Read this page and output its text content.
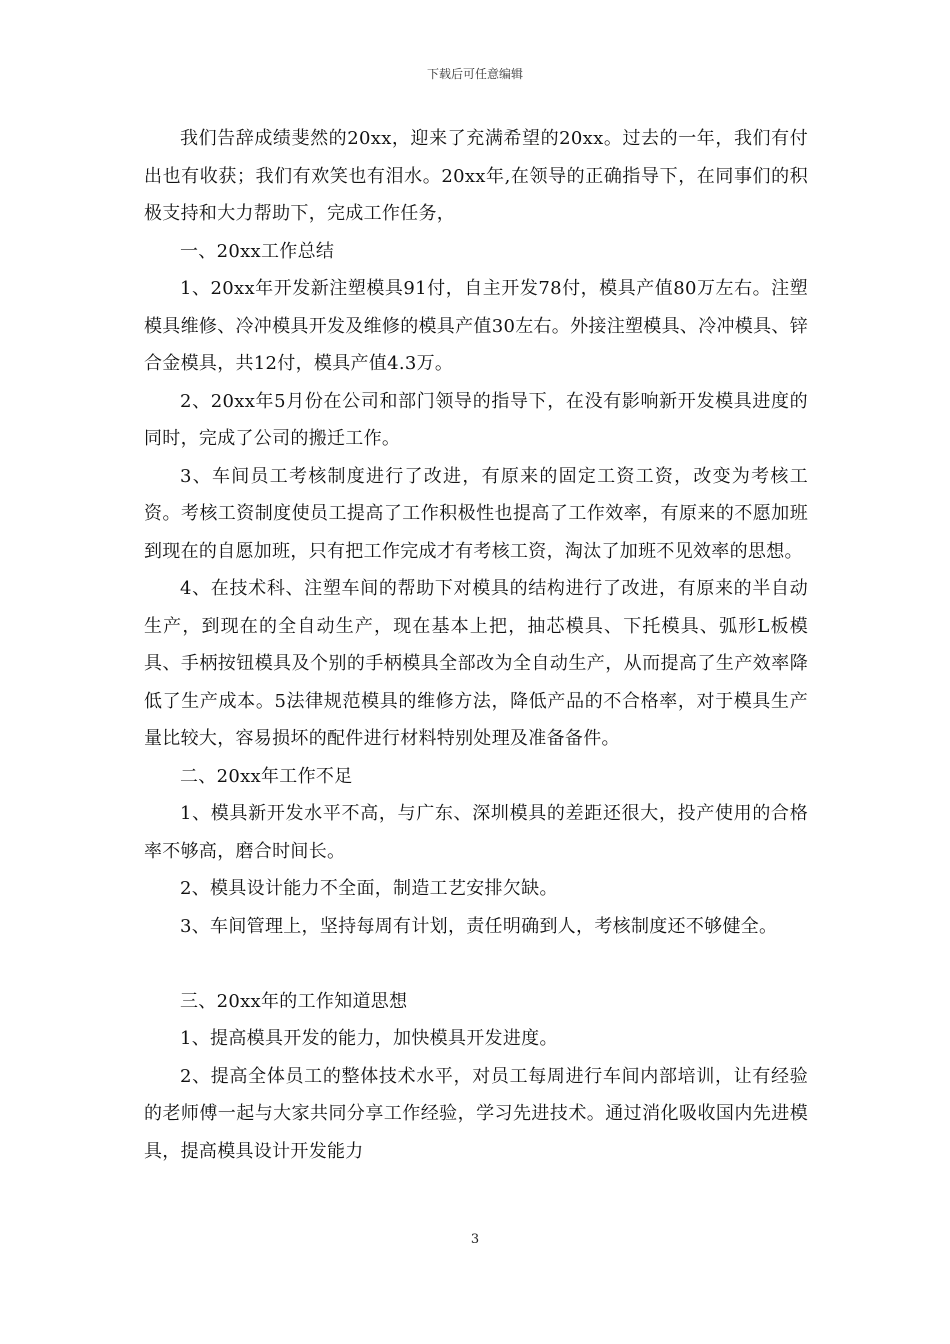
下载后可任意编辑

我们告辞成绩斐然的20xx，迎来了充满希望的20xx。过去的一年，我们有付出也有收获；我们有欢笑也有泪水。20xx年,在领导的正确指导下，在同事们的积极支持和大力帮助下，完成工作任务，

一、20xx工作总结

1、20xx年开发新注塑模具91付，自主开发78付，模具产值80万左右。注塑模具维修、冷冲模具开发及维修的模具产值30左右。外接注塑模具、冷冲模具、锌合金模具，共12付，模具产值4.3万。

2、20xx年5月份在公司和部门领导的指导下，在没有影响新开发模具进度的同时，完成了公司的搬迁工作。

3、车间员工考核制度进行了改进，有原来的固定工资工资，改变为考核工资。考核工资制度使员工提高了工作积极性也提高了工作效率，有原来的不愿加班到现在的自愿加班，只有把工作完成才有考核工资，淘汰了加班不见效率的思想。

4、在技术科、注塑车间的帮助下对模具的结构进行了改进，有原来的半自动生产，到现在的全自动生产，现在基本上把，抽芯模具、下托模具、弧形L板模具、手柄按钮模具及个别的手柄模具全部改为全自动生产，从而提高了生产效率降低了生产成本。5法律规范模具的维修方法，降低产品的不合格率，对于模具生产量比较大，容易损坏的配件进行材料特别处理及准备备件。

二、20xx年工作不足

1、模具新开发水平不高，与广东、深圳模具的差距还很大，投产使用的合格率不够高，磨合时间长。

2、模具设计能力不全面，制造工艺安排欠缺。

3、车间管理上，坚持每周有计划，责任明确到人，考核制度还不够健全。

三、20xx年的工作知道思想

1、提高模具开发的能力，加快模具开发进度。

2、提高全体员工的整体技术水平，对员工每周进行车间内部培训，让有经验的老师傅一起与大家共同分享工作经验，学习先进技术。通过消化吸收国内先进模具，提高模具设计开发能力

3
